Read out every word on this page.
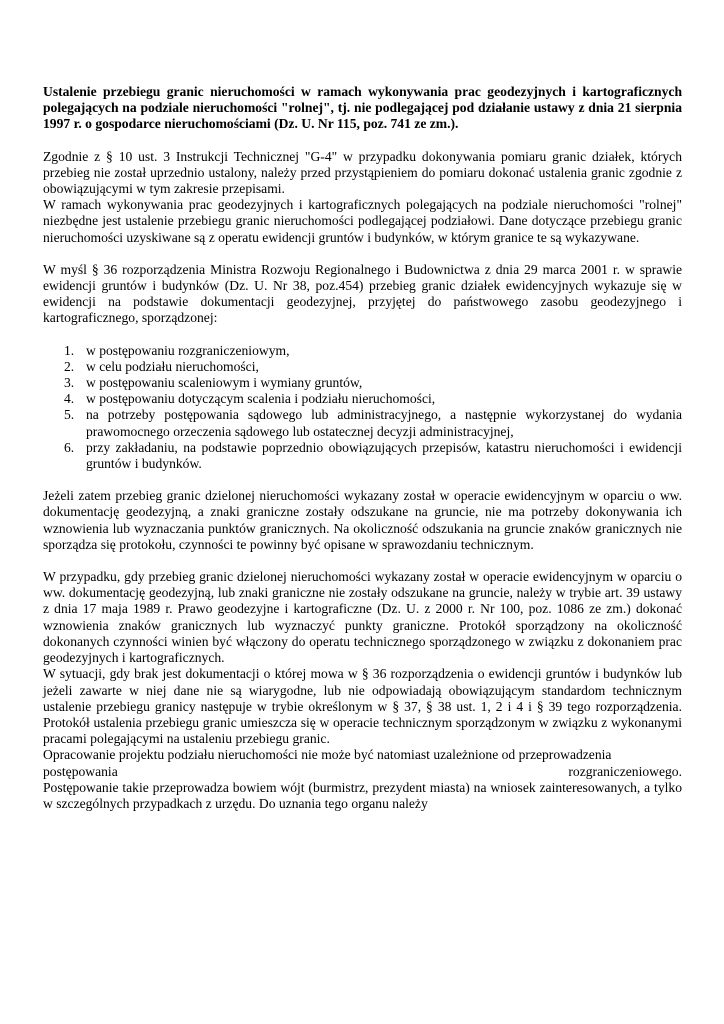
Ustalenie przebiegu granic nieruchomości w ramach wykonywania prac geodezyjnych i kartograficznych polegających na podziale nieruchomości "rolnej", tj. nie podlegającej pod działanie ustawy z dnia 21 sierpnia 1997 r. o gospodarce nieruchomościami (Dz. U. Nr 115, poz. 741 ze zm.).

Zgodnie z § 10 ust. 3 Instrukcji Technicznej "G-4" w przypadku dokonywania pomiaru granic działek, których przebieg nie został uprzednio ustalony, należy przed przystąpieniem do pomiaru dokonać ustalenia granic zgodnie z obowiązującymi w tym zakresie przepisami.

W ramach wykonywania prac geodezyjnych i kartograficznych polegających na podziale nieruchomości "rolnej" niezbędne jest ustalenie przebiegu granic nieruchomości podlegającej podziałowi. Dane dotyczące przebiegu granic nieruchomości uzyskiwane są z operatu ewidencji gruntów i budynków, w którym granice te są wykazywane.

W myśl § 36 rozporządzenia Ministra Rozwoju Regionalnego i Budownictwa z dnia 29 marca 2001 r. w sprawie ewidencji gruntów i budynków (Dz. U. Nr 38, poz.454) przebieg granic działek ewidencyjnych wykazuje się w ewidencji na podstawie dokumentacji geodezyjnej, przyjętej do państwowego zasobu geodezyjnego i kartograficznego, sporządzonej:

1. w postępowaniu rozgraniczeniowym,
2. w celu podziału nieruchomości,
3. w postępowaniu scaleniowym i wymiany gruntów,
4. w postępowaniu dotyczącym scalenia i podziału nieruchomości,
5. na potrzeby postępowania sądowego lub administracyjnego, a następnie wykorzystanej do wydania prawomocnego orzeczenia sądowego lub ostatecznej decyzji administracyjnej,
6. przy zakładaniu, na podstawie poprzednio obowiązujących przepisów, katastru nieruchomości i ewidencji gruntów i budynków.

Jeżeli zatem przebieg granic dzielonej nieruchomości wykazany został w operacie ewidencyjnym w oparciu o ww. dokumentację geodezyjną, a znaki graniczne zostały odszukane na gruncie, nie ma potrzeby dokonywania ich wznowienia lub wyznaczania punktów granicznych. Na okoliczność odszukania na gruncie znaków granicznych nie sporządza się protokołu, czynności te powinny być opisane w sprawozdaniu technicznym.

W przypadku, gdy przebieg granic dzielonej nieruchomości wykazany został w operacie ewidencyjnym w oparciu o ww. dokumentację geodezyjną, lub znaki graniczne nie zostały odszukane na gruncie, należy w trybie art. 39 ustawy z dnia 17 maja 1989 r. Prawo geodezyjne i kartograficzne (Dz. U. z 2000 r. Nr 100, poz. 1086 ze zm.) dokonać wznowienia znaków granicznych lub wyznaczyć punkty graniczne. Protokół sporządzony na okoliczność dokonanych czynności winien być włączony do operatu technicznego sporządzonego w związku z dokonaniem prac geodezyjnych i kartograficznych.

W sytuacji, gdy brak jest dokumentacji o której mowa w § 36 rozporządzenia o ewidencji gruntów i budynków lub jeżeli zawarte w niej dane nie są wiarygodne, lub nie odpowiadają obowiązującym standardom technicznym ustalenie przebiegu granicy następuje w trybie określonym w § 37, § 38 ust. 1, 2 i 4 i § 39 tego rozporządzenia. Protokół ustalenia przebiegu granic umieszcza się w operacie technicznym sporządzonym w związku z wykonanymi pracami polegającymi na ustaleniu przebiegu granic.

Opracowanie projektu podziału nieruchomości nie może być natomiast uzależnione od przeprowadzenia

postępowania	rozgraniczeniowego.

Postępowanie takie przeprowadza bowiem wójt (burmistrz, prezydent miasta) na wniosek zainteresowanych, a tylko w szczególnych przypadkach z urzędu. Do uznania tego organu należy
